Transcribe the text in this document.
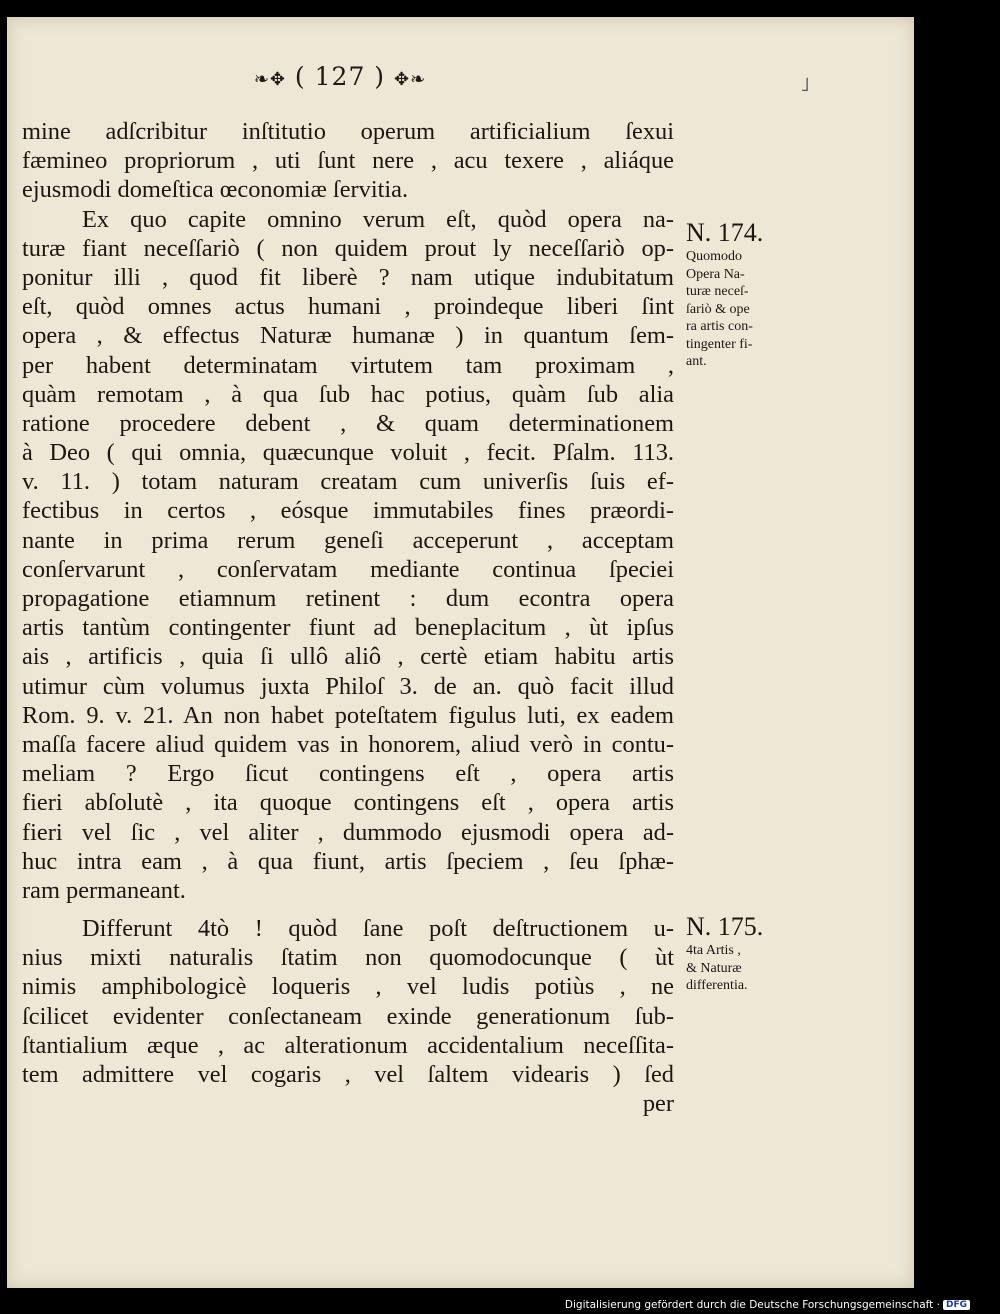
❧✥ ( 127 ) ✥❧	˩
mine adſcribitur inſtitutio operum artificialium ſexui
fæmineo propriorum , uti ſunt nere , acu texere , aliáque
ejusmodi domeſtica œconomiæ ſervitia.
Ex quo capite omnino verum eſt, quòd opera na-
turæ fiant neceſſariò ( non quidem prout ly neceſſariò op-
ponitur illi , quod fit liberè ? nam utique indubitatum
eſt, quòd omnes actus humani , proindeque liberi ſint
opera , & effectus Naturæ humanæ ) in quantum ſem-
per habent determinatam virtutem tam proximam ,
quàm remotam , à qua ſub hac potius, quàm ſub alia
ratione procedere debent , & quam determinationem
à Deo ( qui omnia, quæcunque voluit , fecit. Pſalm. 113.
v. 11. ) totam naturam creatam cum univerſis ſuis ef-
fectibus in certos , eósque immutabiles fines præordi-
nante in prima rerum geneſi acceperunt , acceptam
conſervarunt , conſervatam mediante continua ſpeciei
propagatione etiamnum retinent : dum econtra opera
artis tantùm contingenter fiunt ad beneplacitum , ùt ipſus
ais , artificis , quia ſi ullô aliô , certè etiam habitu artis
utimur cùm volumus juxta Philoſ 3. de an. quò facit illud
Rom. 9. v. 21. An non habet poteſtatem figulus luti, ex eadem
maſſa facere aliud quidem vas in honorem, aliud verò in contu-
meliam ? Ergo ſicut contingens eſt , opera artis
fieri abſolutè , ita quoque contingens eſt , opera artis
fieri vel ſic , vel aliter , dummodo ejusmodi opera ad-
huc intra eam , à qua fiunt, artis ſpeciem , ſeu ſphæ-
ram permaneant.
Differunt 4tò ! quòd ſane poſt deſtructionem u-
nius mixti naturalis ſtatim non quomodocunque ( ùt
nimis amphibologicè loqueris , vel ludis potiùs , ne
ſcilicet evidenter conſectaneam exinde generationum ſub-
ſtantialium æque , ac alterationum accidentalium neceſſita-
tem admittere vel cogaris , vel ſaltem videaris ) ſed
per
N. 174.
Quomodo
Opera Na-
turæ neceſ-
ſariò & ope
ra artis con-
tingenter fi-
ant.
N. 175.
4ta Artis ,
& Naturæ
differentia.
Digitalisierung gefördert durch die Deutsche Forschungsgemeinschaft · DFG
